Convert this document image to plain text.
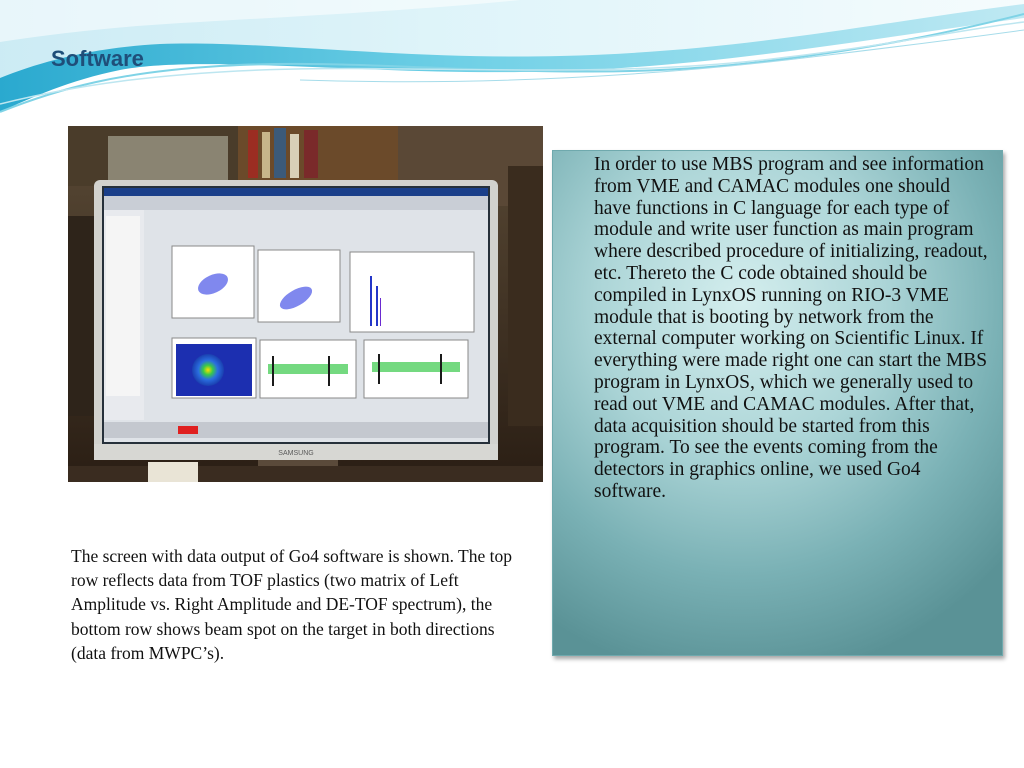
Software
SAMSUNG

The screen with data output of Go4 software is shown. The top row reflects data from TOF plastics (two matrix of Left Amplitude vs. Right Amplitude and DE-TOF spectrum), the bottom row shows beam spot on the target in both directions (data from MWPC’s).

In order to use MBS program and see information from VME and CAMAC modules one should have functions in C language for each type of module and write user function as main program where described procedure of initializing, readout, etc. Thereto the C code obtained should be compiled in LynxOS running on RIO-3 VME module that is booting by network from the external computer working on Scientific Linux. If everything were made right one can start the MBS program in LynxOS, which we generally used to read out VME and CAMAC modules. After that, data acquisition should be started from this program. To see the events coming from the detectors in graphics online, we used Go4 software.
